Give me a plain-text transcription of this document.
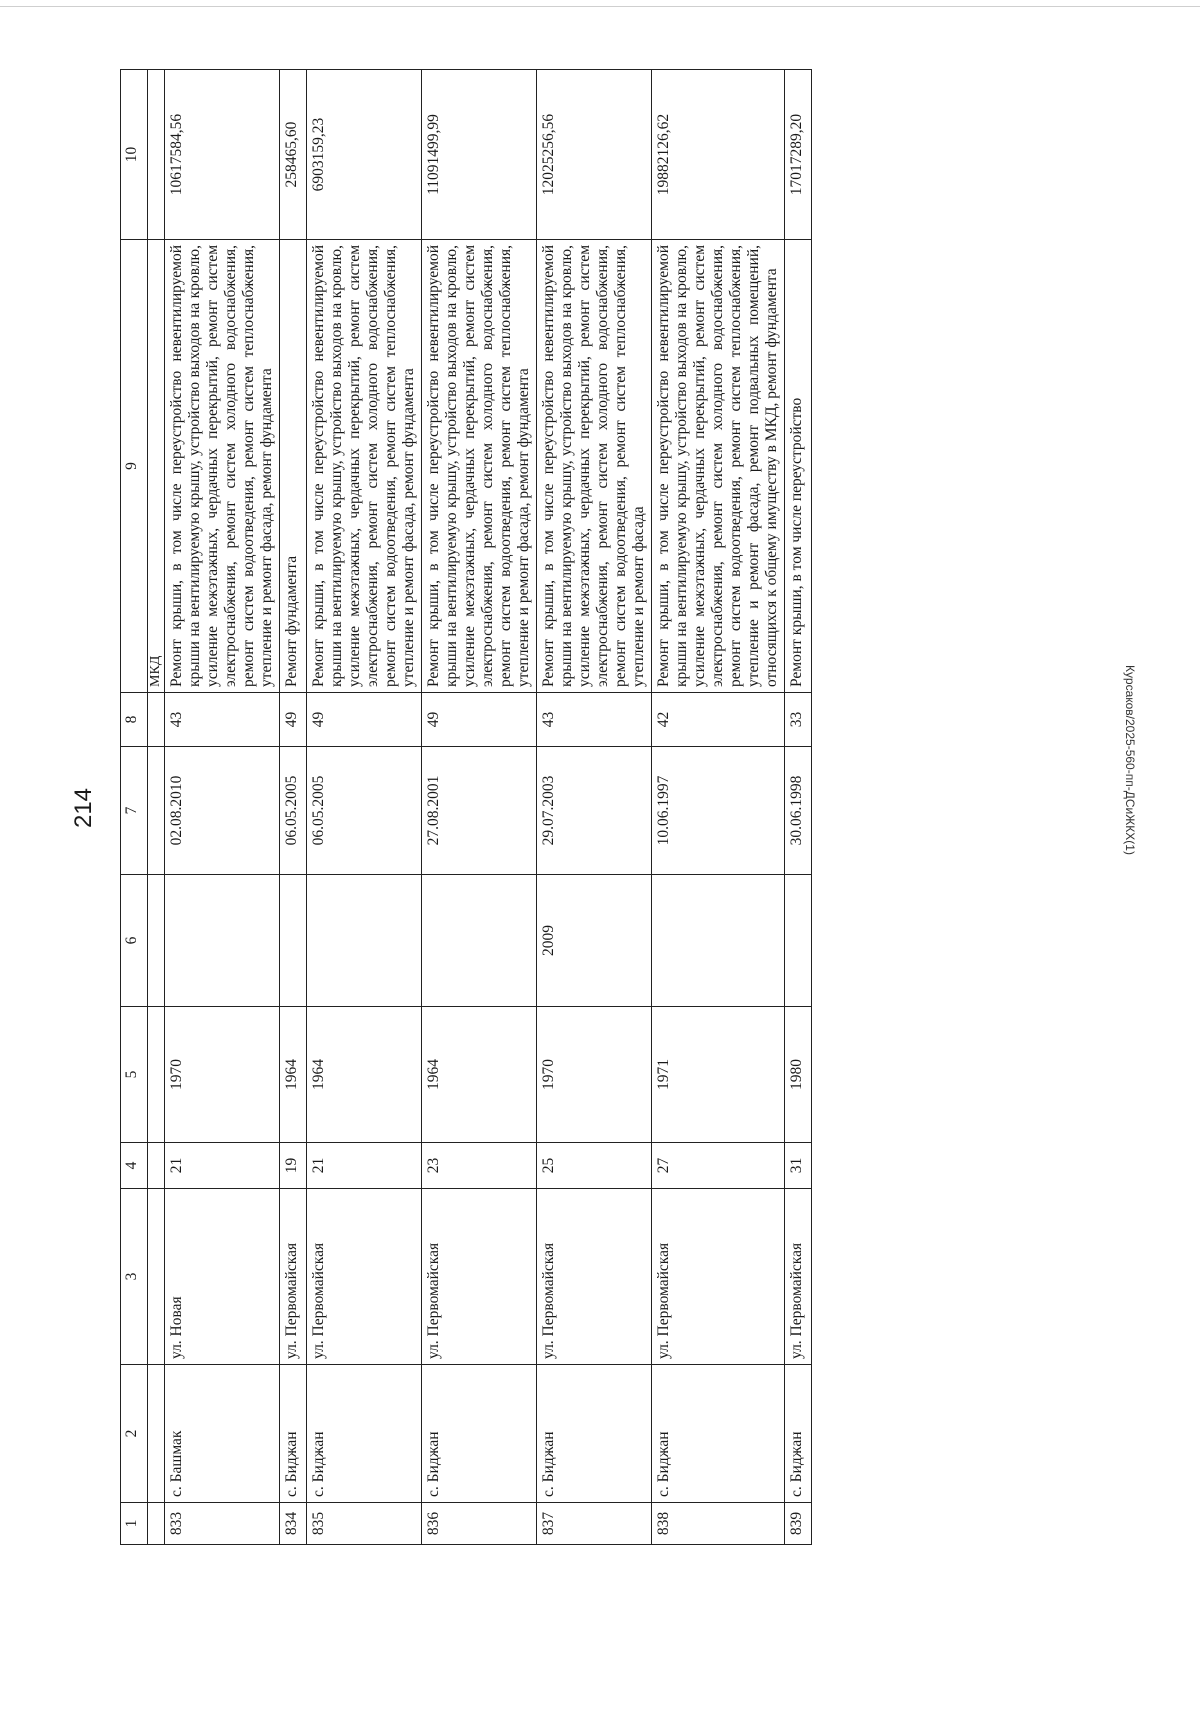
214	Курсаков/2025-560-пп-ДСиЖКХ(1)
1	2	3	4	5	6	7	8	9	10
								МКД	
833	с. Башмак	ул. Новая	21	1970		02.08.2010	43	Ремонт крыши, в том числе переустройство невентилируемой крыши на вентилируемую крышу, устройство выходов на кровлю, усиление межэтажных, чердачных перекрытий, ремонт систем электроснабжения, ремонт систем холодного водоснабжения, ремонт систем водоотведения, ремонт систем теплоснабжения, утепление и ремонт фасада, ремонт фундамента	10617584,56
834	с. Биджан	ул. Первомайская	19	1964		06.05.2005	49	Ремонт фундамента	258465,60
835	с. Биджан	ул. Первомайская	21	1964		06.05.2005	49	Ремонт крыши, в том числе переустройство невентилируемой крыши на вентилируемую крышу, устройство выходов на кровлю, усиление межэтажных, чердачных перекрытий, ремонт систем электроснабжения, ремонт систем холодного водоснабжения, ремонт систем водоотведения, ремонт систем теплоснабжения, утепление и ремонт фасада, ремонт фундамента	6903159,23
836	с. Биджан	ул. Первомайская	23	1964		27.08.2001	49	Ремонт крыши, в том числе переустройство невентилируемой крыши на вентилируемую крышу, устройство выходов на кровлю, усиление межэтажных, чердачных перекрытий, ремонт систем электроснабжения, ремонт систем холодного водоснабжения, ремонт систем водоотведения, ремонт систем теплоснабжения, утепление и ремонт фасада, ремонт фундамента	11091499,99
837	с. Биджан	ул. Первомайская	25	1970	2009	29.07.2003	43	Ремонт крыши, в том числе переустройство невентилируемой крыши на вентилируемую крышу, устройство выходов на кровлю, усиление межэтажных, чердачных перекрытий, ремонт систем электроснабжения, ремонт систем холодного водоснабжения, ремонт систем водоотведения, ремонт систем теплоснабжения, утепление и ремонт фасада	12025256,56
838	с. Биджан	ул. Первомайская	27	1971		10.06.1997	42	Ремонт крыши, в том числе переустройство невентилируемой крыши на вентилируемую крышу, устройство выходов на кровлю, усиление межэтажных, чердачных перекрытий, ремонт систем электроснабжения, ремонт систем холодного водоснабжения, ремонт систем водоотведения, ремонт систем теплоснабжения, утепление и ремонт фасада, ремонт подвальных помещений, относящихся к общему имуществу в МКД, ремонт фундамента	19882126,62
839	с. Биджан	ул. Первомайская	31	1980		30.06.1998	33	Ремонт крыши, в том числе переустройство	17017289,20
